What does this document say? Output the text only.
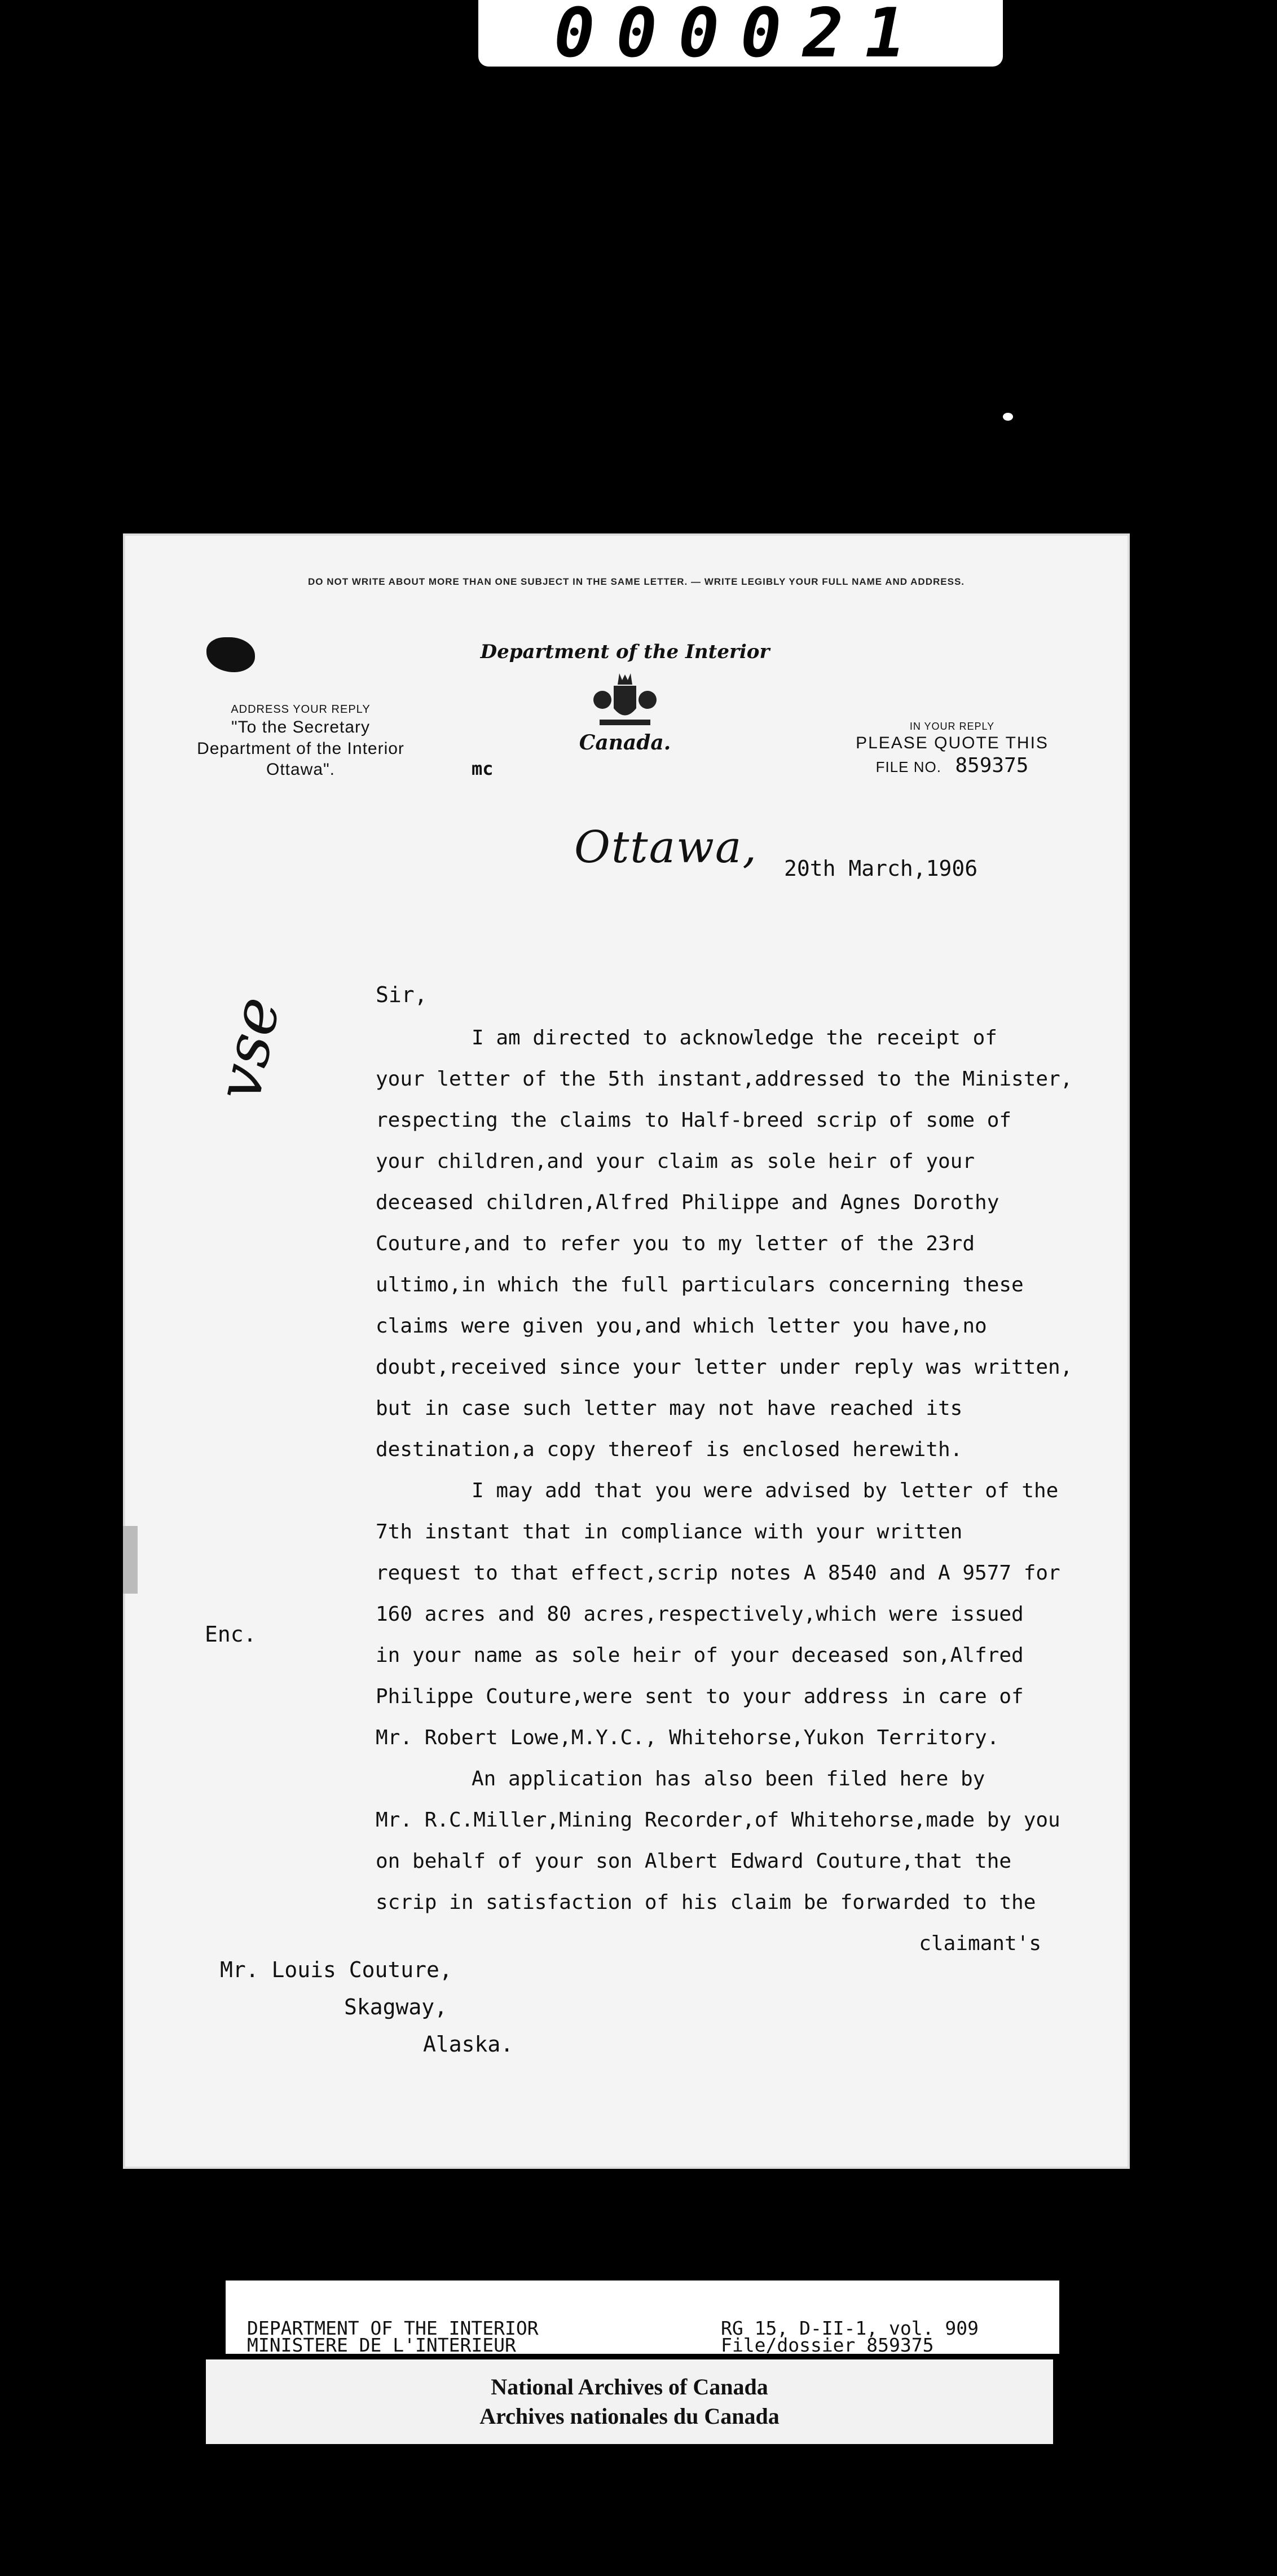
000021
DO NOT WRITE ABOUT MORE THAN ONE SUBJECT IN THE SAME LETTER. — WRITE LEGIBLY YOUR FULL NAME AND ADDRESS.
ADDRESS YOUR REPLY
"To the Secretary
Department of the Interior
Ottawa".
Department of the Interior
Canada.
mc
IN YOUR REPLY
PLEASE QUOTE THIS
FILE NO. 859375
Ottawa, 20th March,1906
Sir,

I am directed to acknowledge the receipt of

your letter of the 5th instant,addressed to the Minister,

respecting the claims to Half-breed scrip of some of

your children,and your claim as sole heir of your

deceased children,Alfred Philippe and Agnes Dorothy

Couture,and to refer you to my letter of the 23rd

ultimo,in which the full particulars concerning these

claims were given you,and which letter you have,no

doubt,received since your letter under reply was written,

but in case such letter may not have reached its

destination,a copy thereof is enclosed herewith.

I may add that you were advised by letter of the

7th instant that in compliance with your written

request to that effect,scrip notes A 8540 and A 9577 for

160 acres and 80 acres,respectively,which were issued

in your name as sole heir of your deceased son,Alfred

Philippe Couture,were sent to your address in care of

Mr. Robert Lowe,M.Y.C., Whitehorse,Yukon Territory.

An application has also been filed here by

Mr. R.C.Miller,Mining Recorder,of Whitehorse,made by you

on behalf of your son Albert Edward Couture,that the

scrip in satisfaction of his claim be forwarded to the

claimant's

vse
Enc.
Mr. Louis Couture,
Skagway,
Alaska.
DEPARTMENT OF THE INTERIOR
MINISTERE DE L'INTERIEUR
RG 15, D-II-1, vol. 909
File/dossier 859375
National Archives of Canada
Archives nationales du Canada
